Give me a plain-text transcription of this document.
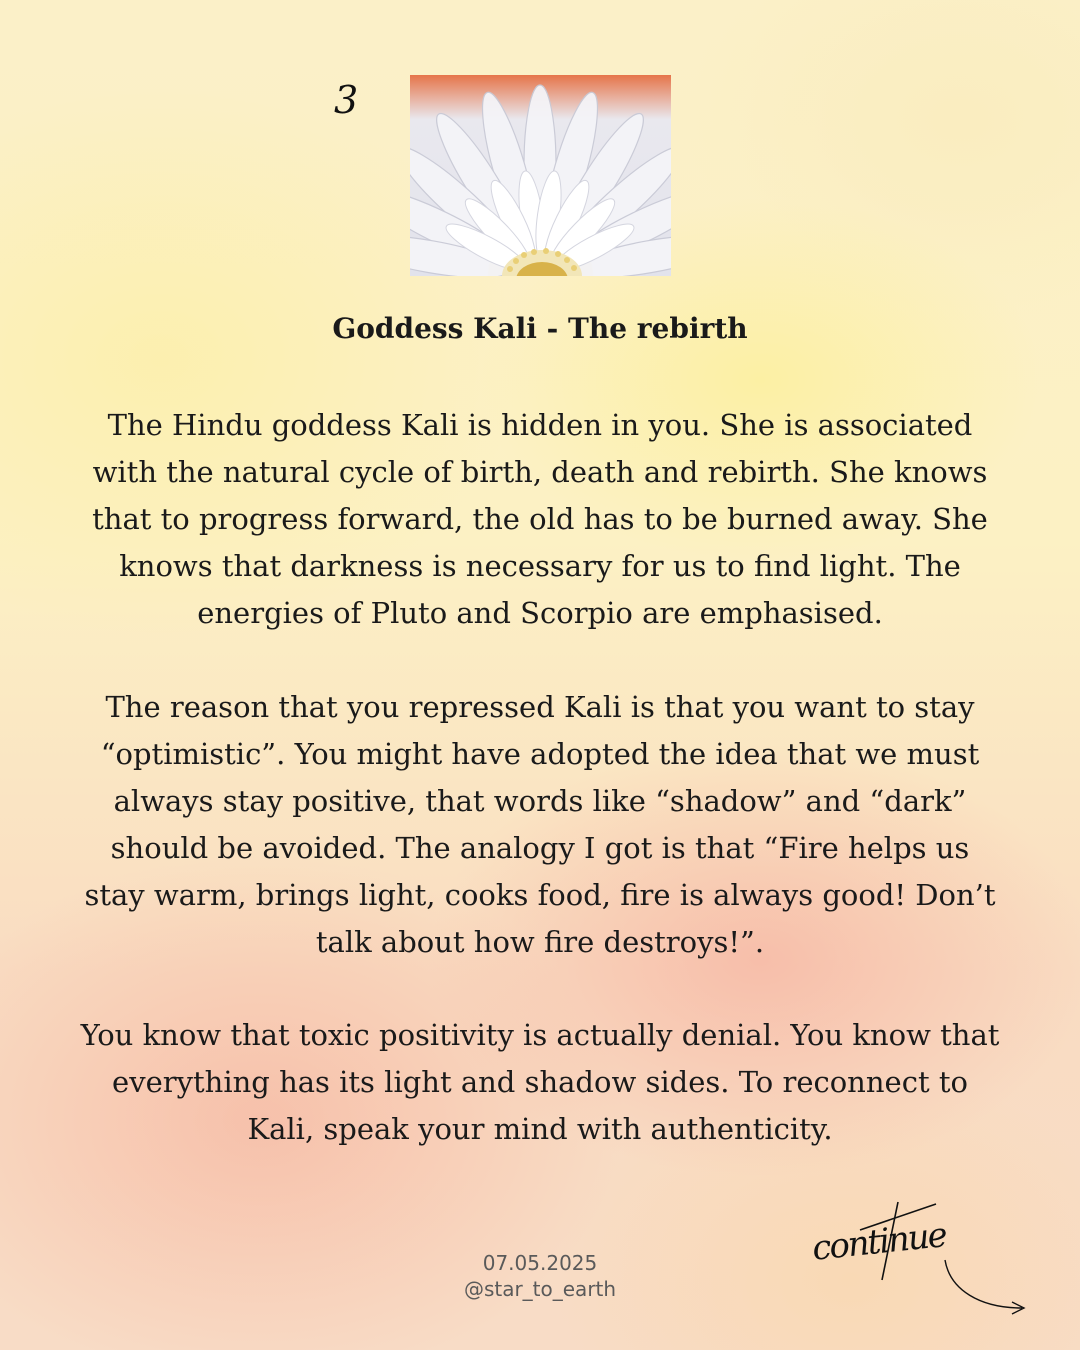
3
Goddess Kali - The rebirth

The Hindu goddess Kali is hidden in you. She is associated with the natural cycle of birth, death and rebirth. She knows that to progress forward, the old has to be burned away. She knows that darkness is necessary for us to find light. The energies of Pluto and Scorpio are emphasised.

The reason that you repressed Kali is that you want to stay “optimistic”. You might have adopted the idea that we must always stay positive, that words like “shadow” and “dark” should be avoided. The analogy I got is that “Fire helps us stay warm, brings light, cooks food, fire is always good! Don’t talk about how fire destroys!”.

You know that toxic positivity is actually denial. You know that everything has its light and shadow sides. To reconnect to Kali, speak your mind with authenticity.

07.05.2025
@star_to_earth
continue
